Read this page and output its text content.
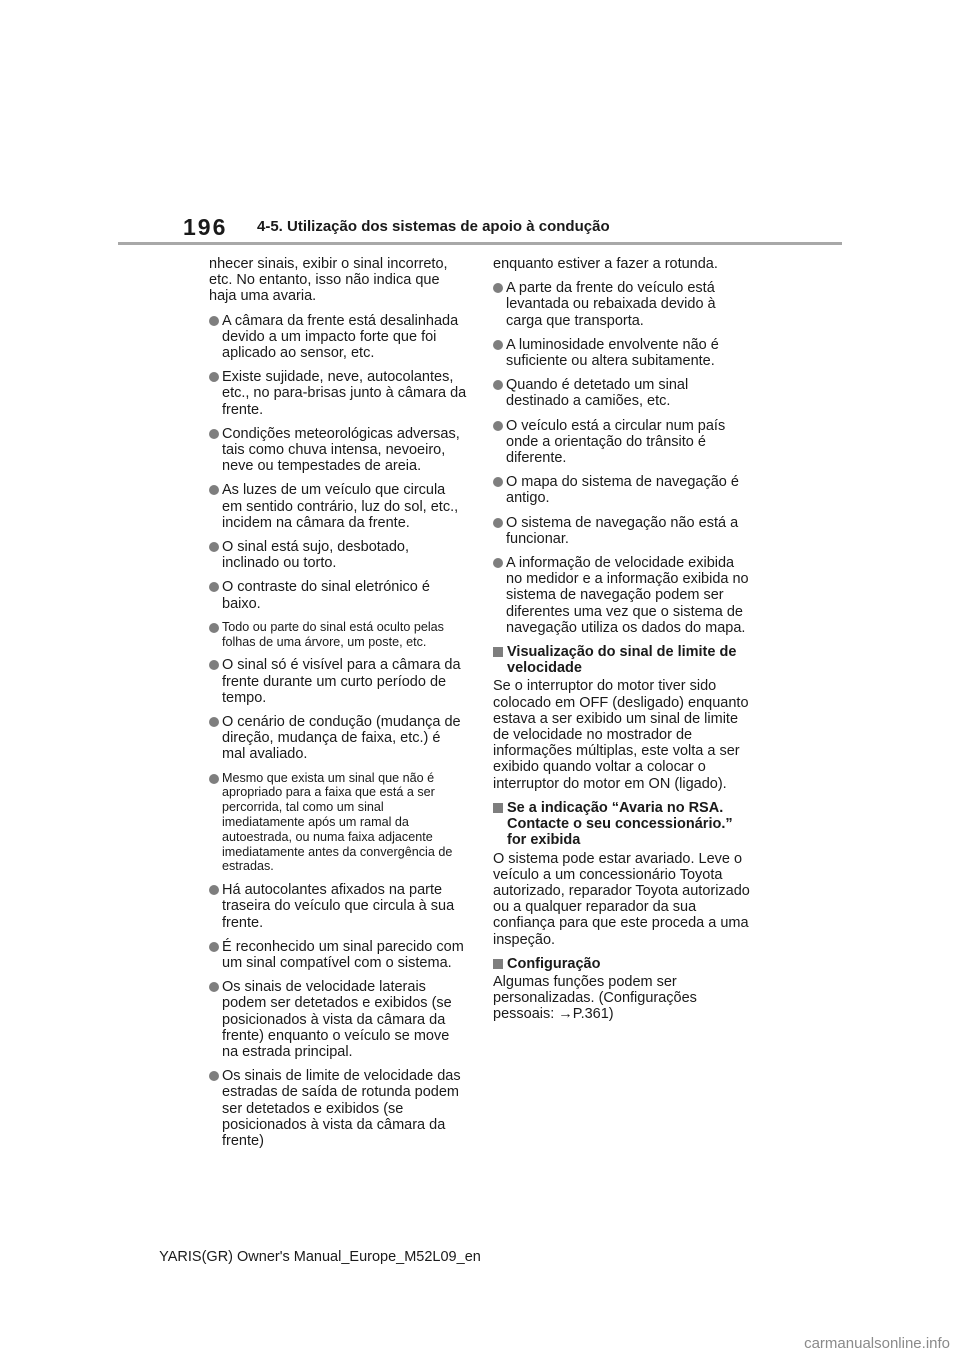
196 4-5. Utilização dos sistemas de apoio à condução

nhecer sinais, exibir o sinal incorreto, etc. No entanto, isso não indica que haja uma avaria.

A câmara da frente está desalinhada devido a um impacto forte que foi aplicado ao sensor, etc.
Existe sujidade, neve, autocolantes, etc., no para-brisas junto à câmara da frente.
Condições meteorológicas adversas, tais como chuva intensa, nevoeiro, neve ou tempestades de areia.
As luzes de um veículo que circula em sentido contrário, luz do sol, etc., incidem na câmara da frente.
O sinal está sujo, desbotado, inclinado ou torto.
O contraste do sinal eletrónico é baixo.
Todo ou parte do sinal está oculto pelas folhas de uma árvore, um poste, etc.
O sinal só é visível para a câmara da frente durante um curto período de tempo.
O cenário de condução (mudança de direção, mudança de faixa, etc.) é mal avaliado.
Mesmo que exista um sinal que não é apropriado para a faixa que está a ser percorrida, tal como um sinal imediatamente após um ramal da autoestrada, ou numa faixa adjacente imediatamente antes da convergência de estradas.
Há autocolantes afixados na parte traseira do veículo que circula à sua frente.
É reconhecido um sinal parecido com um sinal compatível com o sistema.
Os sinais de velocidade laterais podem ser detetados e exibidos (se posicionados à vista da câmara da frente) enquanto o veículo se move na estrada principal.
Os sinais de limite de velocidade das estradas de saída de rotunda podem ser detetados e exibidos (se posicionados à vista da câmara da frente)

enquanto estiver a fazer a rotunda.

A parte da frente do veículo está levantada ou rebaixada devido à carga que transporta.
A luminosidade envolvente não é suficiente ou altera subitamente.
Quando é detetado um sinal destinado a camiões, etc.
O veículo está a circular num país onde a orientação do trânsito é diferente.
O mapa do sistema de navegação é antigo.
O sistema de navegação não está a funcionar.
A informação de velocidade exibida no medidor e a informação exibida no sistema de navegação podem ser diferentes uma vez que o sistema de navegação utiliza os dados do mapa.
Visualização do sinal de limite de velocidade

Se o interruptor do motor tiver sido colocado em OFF (desligado) enquanto estava a ser exibido um sinal de limite de velocidade no mostrador de informações múltiplas, este volta a ser exibido quando voltar a colocar o interruptor do motor em ON (ligado).

Se a indicação “Avaria no RSA. Contacte o seu concessionário.” for exibida

O sistema pode estar avariado. Leve o veículo a um concessionário Toyota autorizado, reparador Toyota autorizado ou a qualquer reparador da sua confiança para que este proceda a uma inspeção.

Configuração

Algumas funções podem ser personalizadas. (Configurações pessoais: →P.361)

YARIS(GR) Owner's Manual_Europe_M52L09_en
carmanualsonline.info
